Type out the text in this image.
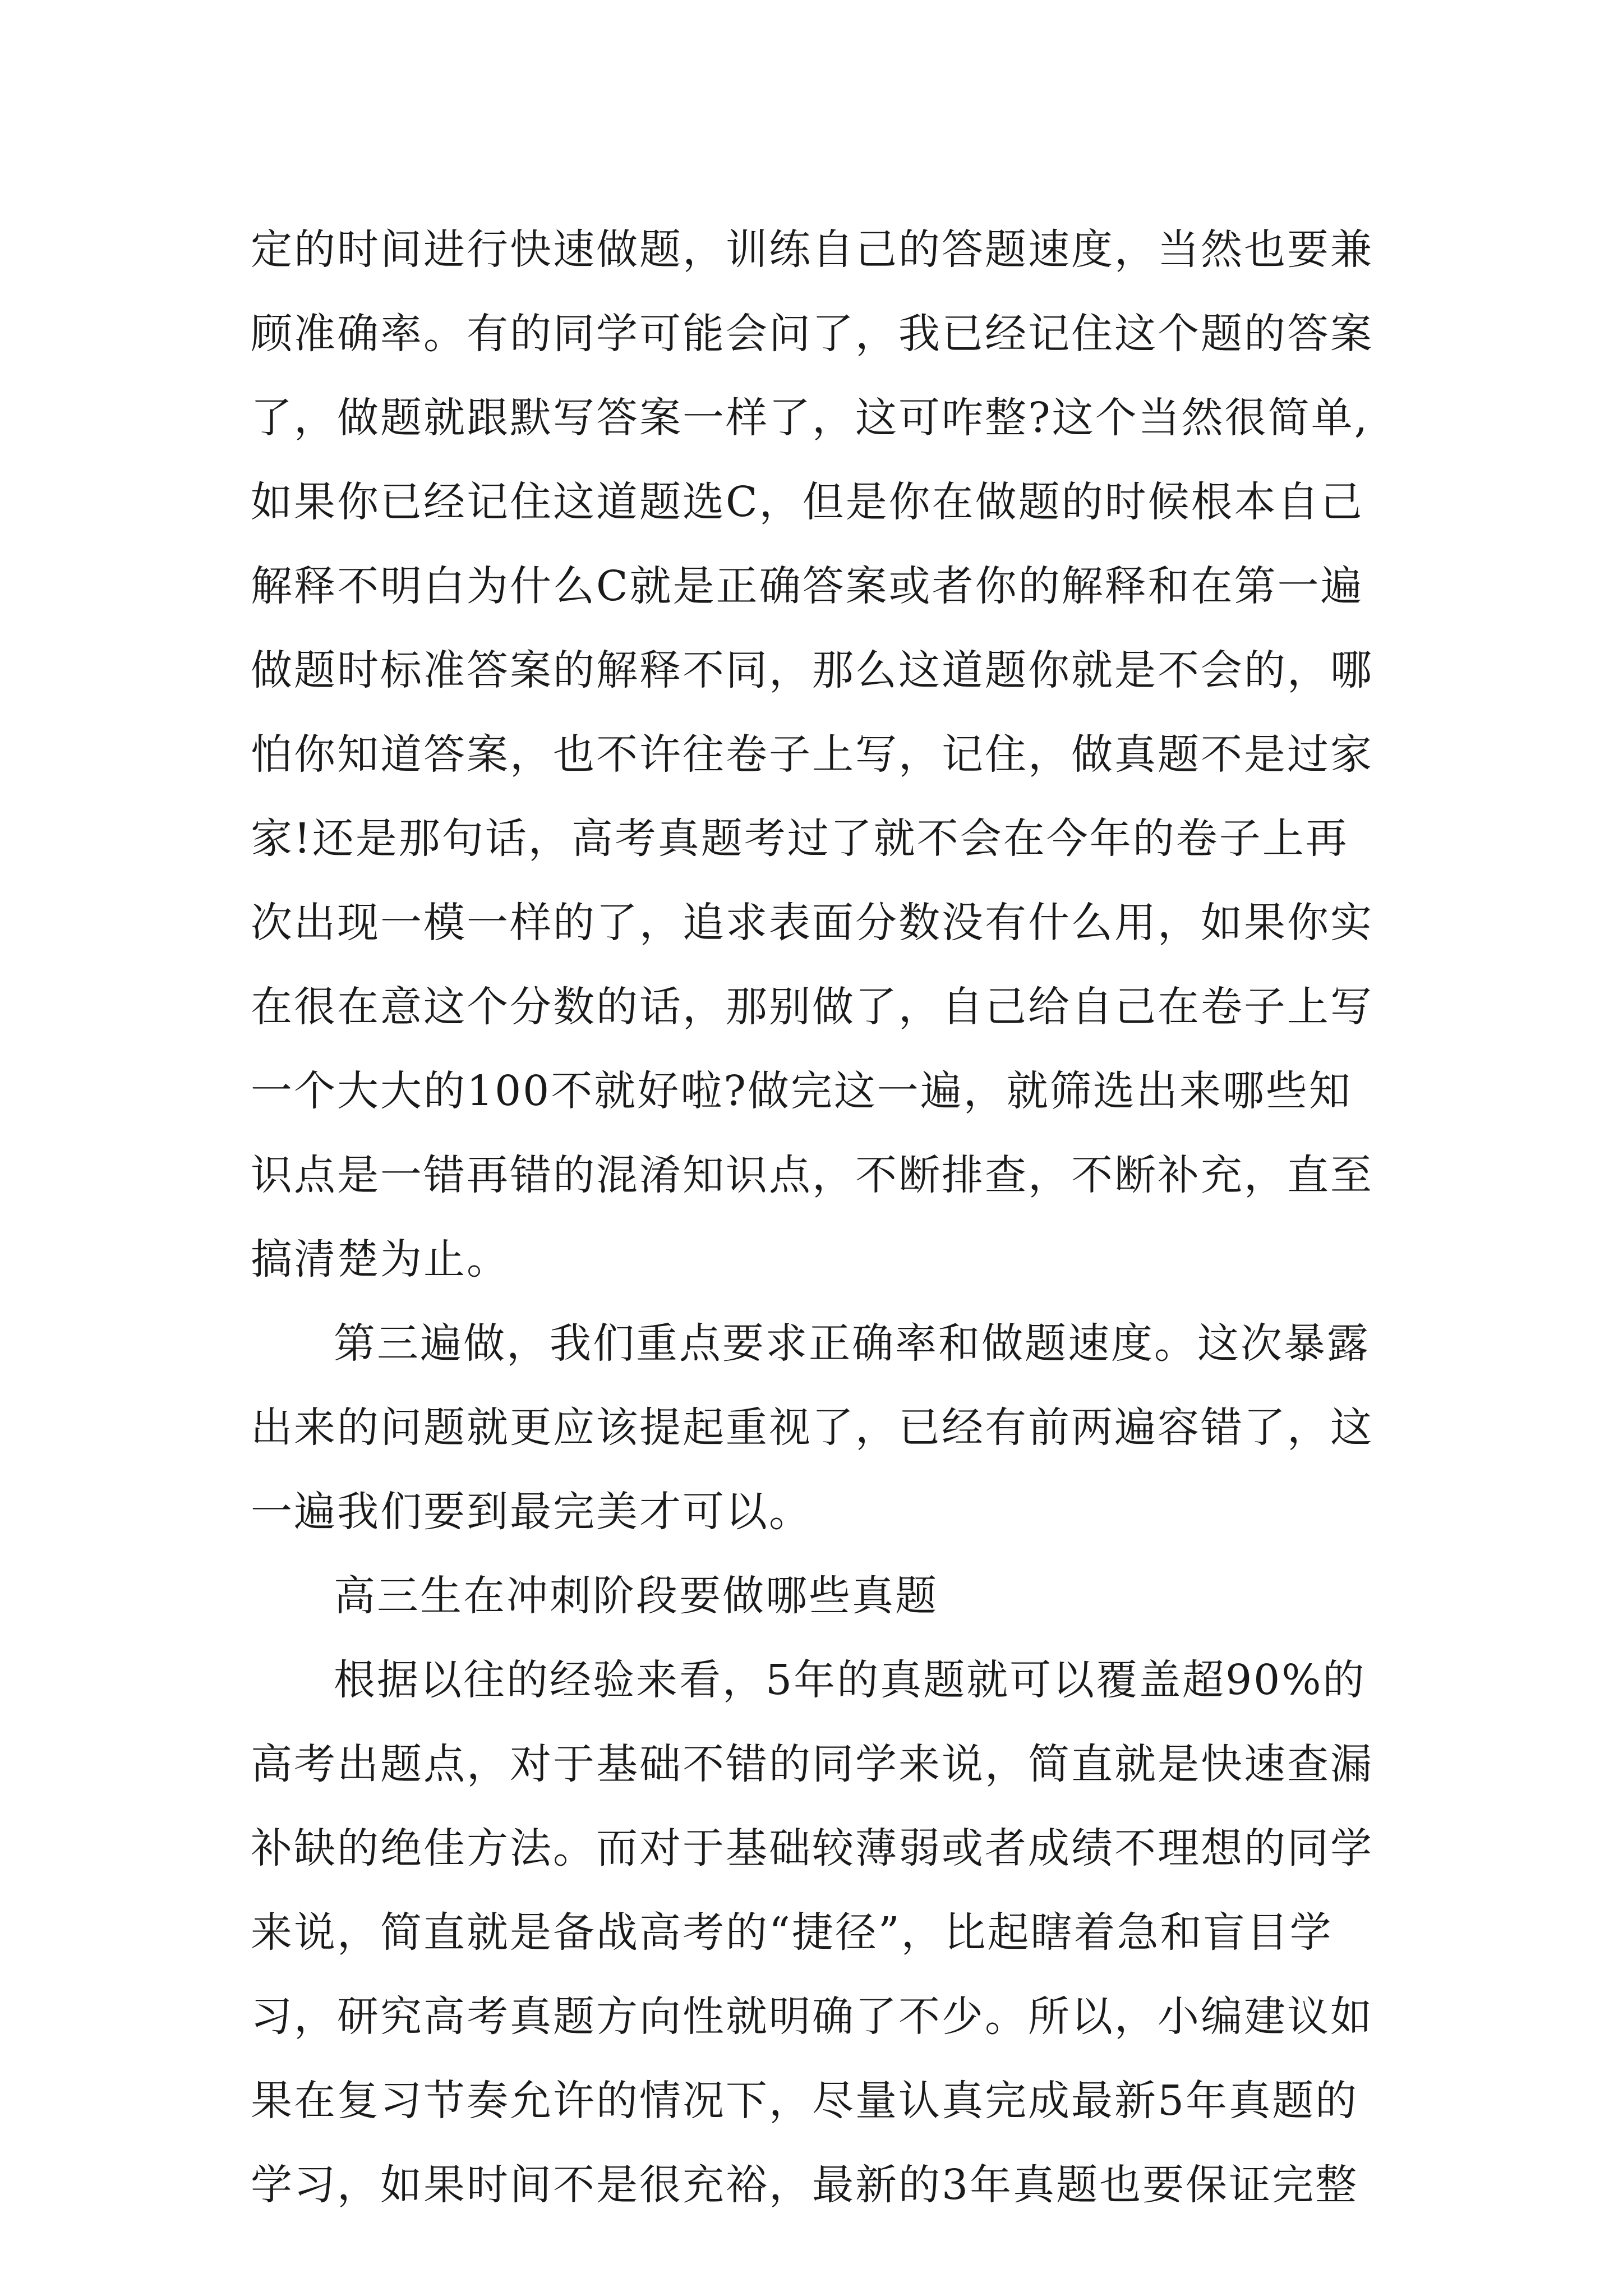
定的时间进行快速做题，训练自己的答题速度，当然也要兼
顾准确率。有的同学可能会问了，我已经记住这个题的答案
了，做题就跟默写答案一样了，这可咋整?这个当然很简单,
如果你已经记住这道题选C，但是你在做题的时候根本自己
解释不明白为什么C就是正确答案或者你的解释和在第一遍
做题时标准答案的解释不同，那么这道题你就是不会的，哪
怕你知道答案，也不许往卷子上写，记住，做真题不是过家
家!还是那句话，高考真题考过了就不会在今年的卷子上再
次出现一模一样的了，追求表面分数没有什么用，如果你实
在很在意这个分数的话，那别做了，自己给自己在卷子上写
一个大大的100不就好啦?做完这一遍，就筛选出来哪些知
识点是一错再错的混淆知识点，不断排查，不断补充，直至
搞清楚为止。
第三遍做，我们重点要求正确率和做题速度。这次暴露
出来的问题就更应该提起重视了，已经有前两遍容错了，这
一遍我们要到最完美才可以。
高三生在冲刺阶段要做哪些真题
根据以往的经验来看，5年的真题就可以覆盖超90%的
高考出题点，对于基础不错的同学来说，简直就是快速查漏
补缺的绝佳方法。而对于基础较薄弱或者成绩不理想的同学
来说，简直就是备战高考的“捷径”，比起瞎着急和盲目学
习，研究高考真题方向性就明确了不少。所以，小编建议如
果在复习节奏允许的情况下，尽量认真完成最新5年真题的
学习，如果时间不是很充裕，最新的3年真题也要保证完整
